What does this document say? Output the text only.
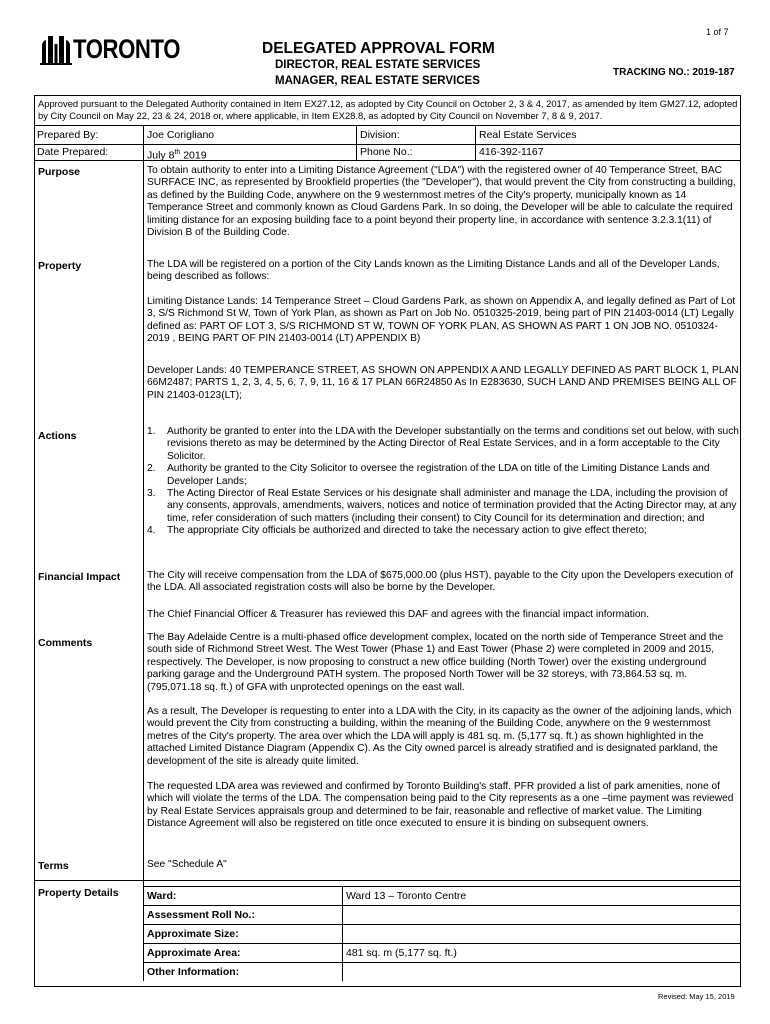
1 of 7
TORONTO	DELEGATED APPROVAL FORM
DIRECTOR, REAL ESTATE SERVICES
MANAGER, REAL ESTATE SERVICES
TRACKING NO.: 2019-187
Approved pursuant to the Delegated Authority contained in Item EX27.12, as adopted by City Council on October 2, 3 & 4, 2017, as amended by Item GM27.12, adopted by City Council on May 22, 23 & 24, 2018 or, where applicable, in Item EX28.8, as adopted by City Council on November 7, 8 & 9, 2017.
Prepared By:	Joe Corigliano	Division:	Real Estate Services
Date Prepared:	July 8th 2019	Phone No.:	416-392-1167
Purpose	To obtain authority to enter into a Limiting Distance Agreement ("LDA") with the registered owner of 40 Temperance Street, BAC SURFACE INC, as represented by Brookfield properties (the "Developer"), that would prevent the City from constructing a building, as defined by the Building Code, anywhere on the 9 westernmost metres of the City's property, municipally known as 14 Temperance Street and commonly known as Cloud Gardens Park. In so doing, the Developer will be able to calculate the required limiting distance for an exposing building face to a point beyond their property line, in accordance with sentence 3.2.3.1(11) of Division B of the Building Code.
Property	The LDA will be registered on a portion of the City Lands known as the Limiting Distance Lands and all of the Developer Lands, being described as follows:
Limiting Distance Lands: 14 Temperance Street – Cloud Gardens Park, as shown on Appendix A, and legally defined as Part of Lot 3, S/S Richmond St W, Town of York Plan, as shown as Part on Job No. 0510325-2019, being part of PIN 21403-0014 (LT) Legally defined as: PART OF LOT 3, S/S RICHMOND ST W, TOWN OF YORK PLAN, AS SHOWN AS PART 1 ON JOB NO. 0510324-2019 , BEING PART OF PIN 21403-0014 (LT) APPENDIX B)
Developer Lands: 40 TEMPERANCE STREET, AS SHOWN ON APPENDIX A AND LEGALLY DEFINED AS PART BLOCK 1, PLAN 66M2487; PARTS 1, 2, 3, 4, 5, 6, 7, 9, 11, 16 & 17 PLAN 66R24850 As In E283630, SUCH LAND AND PREMISES BEING ALL OF PIN 21403-0123(LT);
Actions	1. Authority be granted to enter into the LDA with the Developer substantially on the terms and conditions set out below, with such revisions thereto as may be determined by the Acting Director of Real Estate Services, and in a form acceptable to the City Solicitor.
2. Authority be granted to the City Solicitor to oversee the registration of the LDA on title of the Limiting Distance Lands and Developer Lands;
3. The Acting Director of Real Estate Services or his designate shall administer and manage the LDA, including the provision of any consents, approvals, amendments, waivers, notices and notice of termination provided that the Acting Director may, at any time, refer consideration of such matters (including their consent) to City Council for its determination and direction; and
4. The appropriate City officials be authorized and directed to take the necessary action to give effect thereto;
Financial Impact	The City will receive compensation from the LDA of $675,000.00 (plus HST), payable to the City upon the Developers execution of the LDA. All associated registration costs will also be borne by the Developer.
The Chief Financial Officer & Treasurer has reviewed this DAF and agrees with the financial impact information.
Comments	The Bay Adelaide Centre is a multi-phased office development complex, located on the north side of Temperance Street and the south side of Richmond Street West. The West Tower (Phase 1) and East Tower (Phase 2) were completed in 2009 and 2015, respectively. The Developer, is now proposing to construct a new office building (North Tower) over the existing underground parking garage and the Underground PATH system. The proposed North Tower will be 32 storeys, with 73,864.53 sq. m.(795,071.18 sq. ft.) of GFA with unprotected openings on the east wall.
As a result, The Developer is requesting to enter into a LDA with the City, in its capacity as the owner of the adjoining lands, which would prevent the City from constructing a building, within the meaning of the Building Code, anywhere on the 9 westernmost metres of the City's property. The area over which the LDA will apply is 481 sq. m. (5,177 sq. ft.) as shown highlighted in the attached Limited Distance Diagram (Appendix C). As the City owned parcel is already stratified and is designated parkland, the development of the site is already quite limited.
The requested LDA area was reviewed and confirmed by Toronto Building's staff. PFR provided a list of park amenities, none of which will violate the terms of the LDA. The compensation being paid to the City represents as a one –time payment was reviewed by Real Estate Services appraisals group and determined to be fair, reasonable and reflective of market value. The Limiting Distance Agreement will also be registered on title once executed to ensure it is binding on subsequent owners.
Terms	See "Schedule A"
Property Details	Ward:	Ward 13 – Toronto Centre
Assessment Roll No.:
Approximate Size:
Approximate Area:	481 sq. m (5,177 sq. ft.)
Other Information:
Revised: May 15, 2019
